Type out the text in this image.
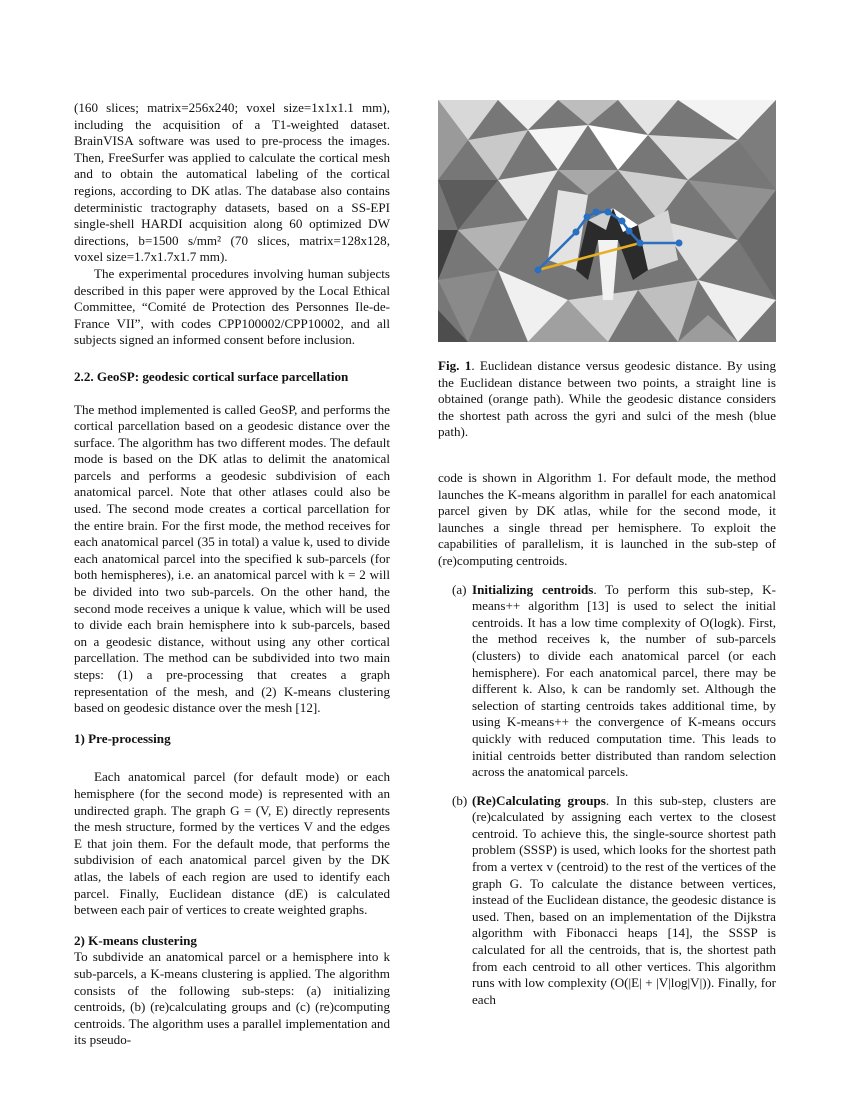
(160 slices; matrix=256x240; voxel size=1x1x1.1 mm), including the acquisition of a T1-weighted dataset. BrainVISA software was used to pre-process the images. Then, FreeSurfer was applied to calculate the cortical mesh and to obtain the automatical labeling of the cortical regions, according to DK atlas. The database also contains deterministic tractography datasets, based on a SS-EPI single-shell HARDI acquisition along 60 optimized DW directions, b=1500 s/mm² (70 slices, matrix=128x128, voxel size=1.7x1.7x1.7 mm).

The experimental procedures involving human subjects described in this paper were approved by the Local Ethical Committee, “Comité de Protection des Personnes Ile-de-France VII”, with codes CPP100002/CPP10002, and all subjects signed an informed consent before inclusion.

2.2. GeoSP: geodesic cortical surface parcellation

The method implemented is called GeoSP, and performs the cortical parcellation based on a geodesic distance over the surface. The algorithm has two different modes. The default mode is based on the DK atlas to delimit the anatomical parcels and performs a geodesic subdivision of each anatomical parcel. Note that other atlases could also be used. The second mode creates a cortical parcellation for the entire brain. For the first mode, the method receives for each anatomical parcel (35 in total) a value k, used to divide each anatomical parcel into the specified k sub-parcels (for both hemispheres), i.e. an anatomical parcel with k = 2 will be divided into two sub-parcels. On the other hand, the second mode receives a unique k value, which will be used to divide each brain hemisphere into k sub-parcels, based on a geodesic distance, without using any other cortical parcellation. The method can be subdivided into two main steps: (1) a pre-processing that creates a graph representation of the mesh, and (2) K-means clustering based on geodesic distance over the mesh [12].

1) Pre-processing

Each anatomical parcel (for default mode) or each hemisphere (for the second mode) is represented with an undirected graph. The graph G = (V, E) directly represents the mesh structure, formed by the vertices V and the edges E that join them. For the default mode, that performs the subdivision of each anatomical parcel given by the DK atlas, the labels of each region are used to identify each parcel. Finally, Euclidean distance (dE) is calculated between each pair of vertices to create weighted graphs.

2) K-means clustering

To subdivide an anatomical parcel or a hemisphere into k sub-parcels, a K-means clustering is applied. The algorithm consists of the following sub-steps: (a) initializing centroids, (b) (re)calculating groups and (c) (re)computing centroids. The algorithm uses a parallel implementation and its pseudo-

Fig. 1. Euclidean distance versus geodesic distance. By using the Euclidean distance between two points, a straight line is obtained (orange path). While the geodesic distance considers the shortest path across the gyri and sulci of the mesh (blue path).

code is shown in Algorithm 1. For default mode, the method launches the K-means algorithm in parallel for each anatomical parcel given by DK atlas, while for the second mode, it launches a single thread per hemisphere. To exploit the capabilities of parallelism, it is launched in the sub-step of (re)computing centroids.

(a) Initializing centroids. To perform this sub-step, K-means++ algorithm [13] is used to select the initial centroids. It has a low time complexity of O(logk). First, the method receives k, the number of sub-parcels (clusters) to divide each anatomical parcel (or each hemisphere). For each anatomical parcel, there may be different k. Also, k can be randomly set. Although the selection of starting centroids takes additional time, by using K-means++ the convergence of K-means occurs quickly with reduced computation time. This leads to initial centroids better distributed than random selection across the anatomical parcels.
(b) (Re)Calculating groups. In this sub-step, clusters are (re)calculated by assigning each vertex to the closest centroid. To achieve this, the single-source shortest path problem (SSSP) is used, which looks for the shortest path from a vertex v (centroid) to the rest of the vertices of the graph G. To calculate the distance between vertices, instead of the Euclidean distance, the geodesic distance is used. Then, based on an implementation of the Dijkstra algorithm with Fibonacci heaps [14], the SSSP is calculated for all the centroids, that is, the shortest path from each centroid to all other vertices. This algorithm runs with low complexity (O(|E| + |V|log|V|)). Finally, for each
